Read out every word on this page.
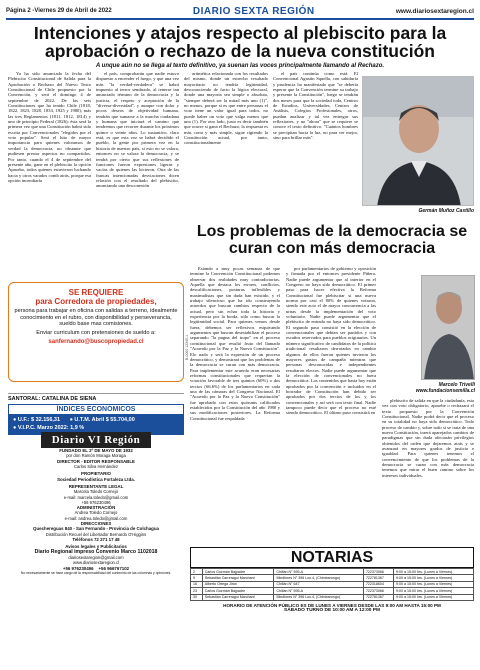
Página 2 -Viernes 29 de Abril de 2022	DIARIO SEXTA REGIÓN	www.diariosextaregion.cl
Intenciones y atajos respecto al plebiscito para la aprobación o rechazo de la nueva constitución
A unque aún no se llega al texto definitivo, ya suenan las voces principalmente llamando al Rechazo.

Ya ha sido anunciada la fecha del Plebiscito Constitucional de Salida para la Aprobación o Rechazo del Nuevo Texto Constitucional de Chile propuesto por la Convención, y será el domingo 4 de septiembre de 2022. De las seis Constituciones que ha tenido Chile (1818, 1822, 1823, 1828, 1833, 1925 y 1980), más las tres Reglamentos (1811, 1812, 1814) y uno de principio Federal (1826); ésta será la primera vez que una Constitución habrá sido escrita por Convencionales "elegidos por el voto popular". Será el hito de mayor importancia para quienes valoramos de verdad la democracia, no obstante que pudiesen prestar aspectos no compartidos. Por tanto, cuando el 4 de septiembre del presente año, gane en el plebiscito la opción Apruebo, todos quienes estuvieron luchando hacia y otros varados comb atrás, porque esa opción incendiaría

el país, comprobarán que nadie estuvo dispuesto a encender el fuego, y que una vez más "la verdad-verdadera" se habrá impuesto al terror sembrado, al tenerse tan anunciado término de la democracia y la justicia, el respeto y aceptación de la "diversa-diversidad", y aunque con dolor y pocos deseos de objetividad humana, tendrán que sumarse a la marcha ciudadana y humana que iniciará el camino que tendremos que recorrer durante los próximos quince o veinte años. Lo sustantivo, claro está, es que esta vez se habrá decidido el pueblo, la gente por primera vez en la historia de nuestro país, si esto no se valora, entonces no se valora la democracia, y se tendrá por cierto que sus reflexiones de funciones fueron expresiones ligeras y vacías de quienes las hicieron. Otra de las francas intencionadas desviaciones dicen relación con el resultado del plebiscito, anunciando una desconexión

aritmética relacionada con los resultados del mismo, donde un estrecho resultado mayoritario no tendría legitimidad, desconociendo de facto la lógica electoral, donde una mayoría sea simple o absoluta, "siempre deberá ser la mitad más uno (1)", no menos, porque si es que entre personas el voto tiene un valor igual para todos, no puede haber un voto que valga menos que uno (1). Por otro lado, justo es decir también que ocurre si gana el Rechazo, la respuesta es más corta y más simple, sigue rigiendo la Constitución actual, por tanto, constitucionalmente

el país continúa como está. El Convencional Agustín Squella, con sabiduría y prudencia ha manifestado que "se debería esperar que la Convención termine su trabajo y presente la Constitución", luego se tendrán dos meses para que la sociedad toda, Centros de Estudios, Universidades, Centros de Análisis, Colegios Profesionales, otros, puedan analizar y tal vez entregar sus reflexiones, y no "ahora" que se requiere se conoce el texto definitivo. "Cuántos hombres se precipitan hacia la luz, no para ver mejor, sino para brillar más".

Germán Muñoz Castillo
Los problemas de la democracia se curan con más democracia

Estando a muy pocas semanas de que termine la Convención Constitucional podemos observar dos realidades muy contradictorias. Aquella que destaca los errores, conflictos, descalificaciones, posturas inflexibles y maximalistas que sin duda han existido, y el trabajo silencioso que ha ido construyendo acuerdos que buscan cambios respecto de la actual, pero sin echar toda la historia y experiencia por la borda, sólo como buscar la legitimidad social. Para quienes vemos desde fuera, debemos ser reflexivos esquivando argumentos que buscan desestabilizar el proceso separando "la pugna del tropo" en el proceso constitucional que resultó fruto del llamado "Acuerdo por la Paz y la Nueva Constitución". Elo nado y será la expresión de un proceso democrático, y demostrará que los problemas de la democracia se curan con más democracia. Para implementar este acuerdo eran necesarias reformas constitucionales que requerían la votación favorable de tres quintos (60%) o dos tercios (66,6%) de los parlamentarios en cada una de las cámaras del Congreso Nacional. El "Acuerdo por la Paz y la Nueva Constitución" fue aprobado con estos quórums calificados establecidos por la Constitución del año 1980 y sus modificaciones posteriores. La Reforma Constitucional fue respaldada

por parlamentarios de gobierno y oposición y firmada por el entonces presidente Piñera. Nadie puede argumentar que al interior en el Congreso no haya sido democrático. El primer paso para hacer efectiva la Reforma Constitucional fue plebiscitar si una nueva norma por casi el 80% de quienes votaron, siendo este acto el de mayor concurrencia a las urnas desde la implementación del voto voluntario. Nadie puede argumentar que el plebiscito de entrada no haya sido democrático. El segundo paso consistió en la elección de convencionales que debían ser partidos y con escaños reservados para pueblos originarios. Un número significativo de candidatos de la política tradicional resultaron derrotados en cambio algunos de ellos fueron quienes tuvieron los mayores gastos de campaña mientras que personas desconocidas e independientes resultaron electos. Nadie puede argumentar que la elección de convencionales no fuera democrática. Los contenidos que hasta hoy están aprobados por la convención e incluidos en el borrador de Constitución han debido ser aprobados por dos tercios de los y los convencionales y así será con texto final. Nadie tampoco puede decir que el proceso no esté siendo democrático. El último paso consistirá en

plebiscito de salida en que la ciudadanía, esta vez con voto obligatorio, apruebe o rechazará el texto propuesto por la Convención Constitucional. Nadie podrá decir que el proceso en su totalidad no haya sido democrático. Todo proceso de cambio y, sobre todo si se trata de una nueva Constitución, traerá aparejados cambios de paradigmas que sin duda afectarán privilegios obtenidos del orden que dejaremos atrás y se avanzará en mayores grados de justicia e igualdad. Para quienes tenemos el convencimiento de que los problemas de la democracia se curan con más democracia tenemos que mirar el buen camino sobre los intereses individuales.

Marcelo Trivelli
www.fundacionsemilla.cl
SE REQUIERE
para Corredora de propiedades,
persona para trabajar en oficina con salidas a terreno, idealmente conocimiento en el rubro, con disponibilidad y perseverancia, sueldo base mas comisiones.
Enviar curriculum con pretensiones de sueldo a:
sanfernando@buscopropiedad.cl	B-0000 12345-1
SANTORAL: CATALINA DE SIENA
ÍNDICES ECONÓMICOS
● U.F.: $ 32.156,31 ● U.T.M. Abril $ 55.704,00
● V.I.P.C. Marzo 2022: 1,9 %
Diario VI Región
FUNDADO EL 2º DE MAYO DE 1932
por don Ramón Moraga Moraga
DIRECTOR - EDITOR RESPONSABLE
Carlos Silva Hernández
PROPIETARIO
Sociedad Periodística Fortaleza Ltda.
REPRESENTANTE LEGAL
Marcela Toledo Cornejo
e-mail: marcela.toledo@gmail.com
+56 976230496
ADMINISTRACIÓN
Andrea Toledo Cornejo
e-mail: andrea.toledo@gmail.com
DIRECCIONES
Quechereguas 840 - San Fernando - Provincia de Colchagua
Distribución Recuel del Libertador Bernardo O'Higgins
Teléfonos 72 271 17 48
Avisos legales y Publicitarios
Diario Regional impreso Convenio Marco 1102018
diariosextaregion@gmail.com
www.diariosextaregion.cl
+56 976230496 +56 966767102
No necesariamente se hace cargo de la responsabilidad del contenido de las columnas y opiniones.
NOTARIAS
2	Carlos Guzmán Bajpadre	Chillán N° 595-A	722373066	9:00 a 15:00 hrs. (Lunes a Viernes)
9	Sebastián Carreragui Marchant	Mindfores N° 396 Loc.4, (Chimbarongo)	722781367	9:00 a 15:00 hrs. (Lunes a Viernes)
16	Alberto Ortega Jirón	Chillán N° 647	722318604	9:00 a 15:00 hrs. (Lunes a Viernes)
23	Carlos Guzmán Bajpadre	Chillán N° 595-A	722373066	9:00 a 15:00 hrs. (Lunes a Viernes)
30	Sebastián Carreragui Marchant	Mindfores N° 396 Loc.4, (Chimbarongo)	722781367	9:00 a 15:00 hrs. (Lunes a Viernes)
HORARIO DE ATENCIÓN PÚBLICO ES DE LUNES A VIERNES DESDE LAS 9:00 AM HASTA 15:00 PM
SÁBADO TURNO DE 10:00 AM A 12:00 PM
